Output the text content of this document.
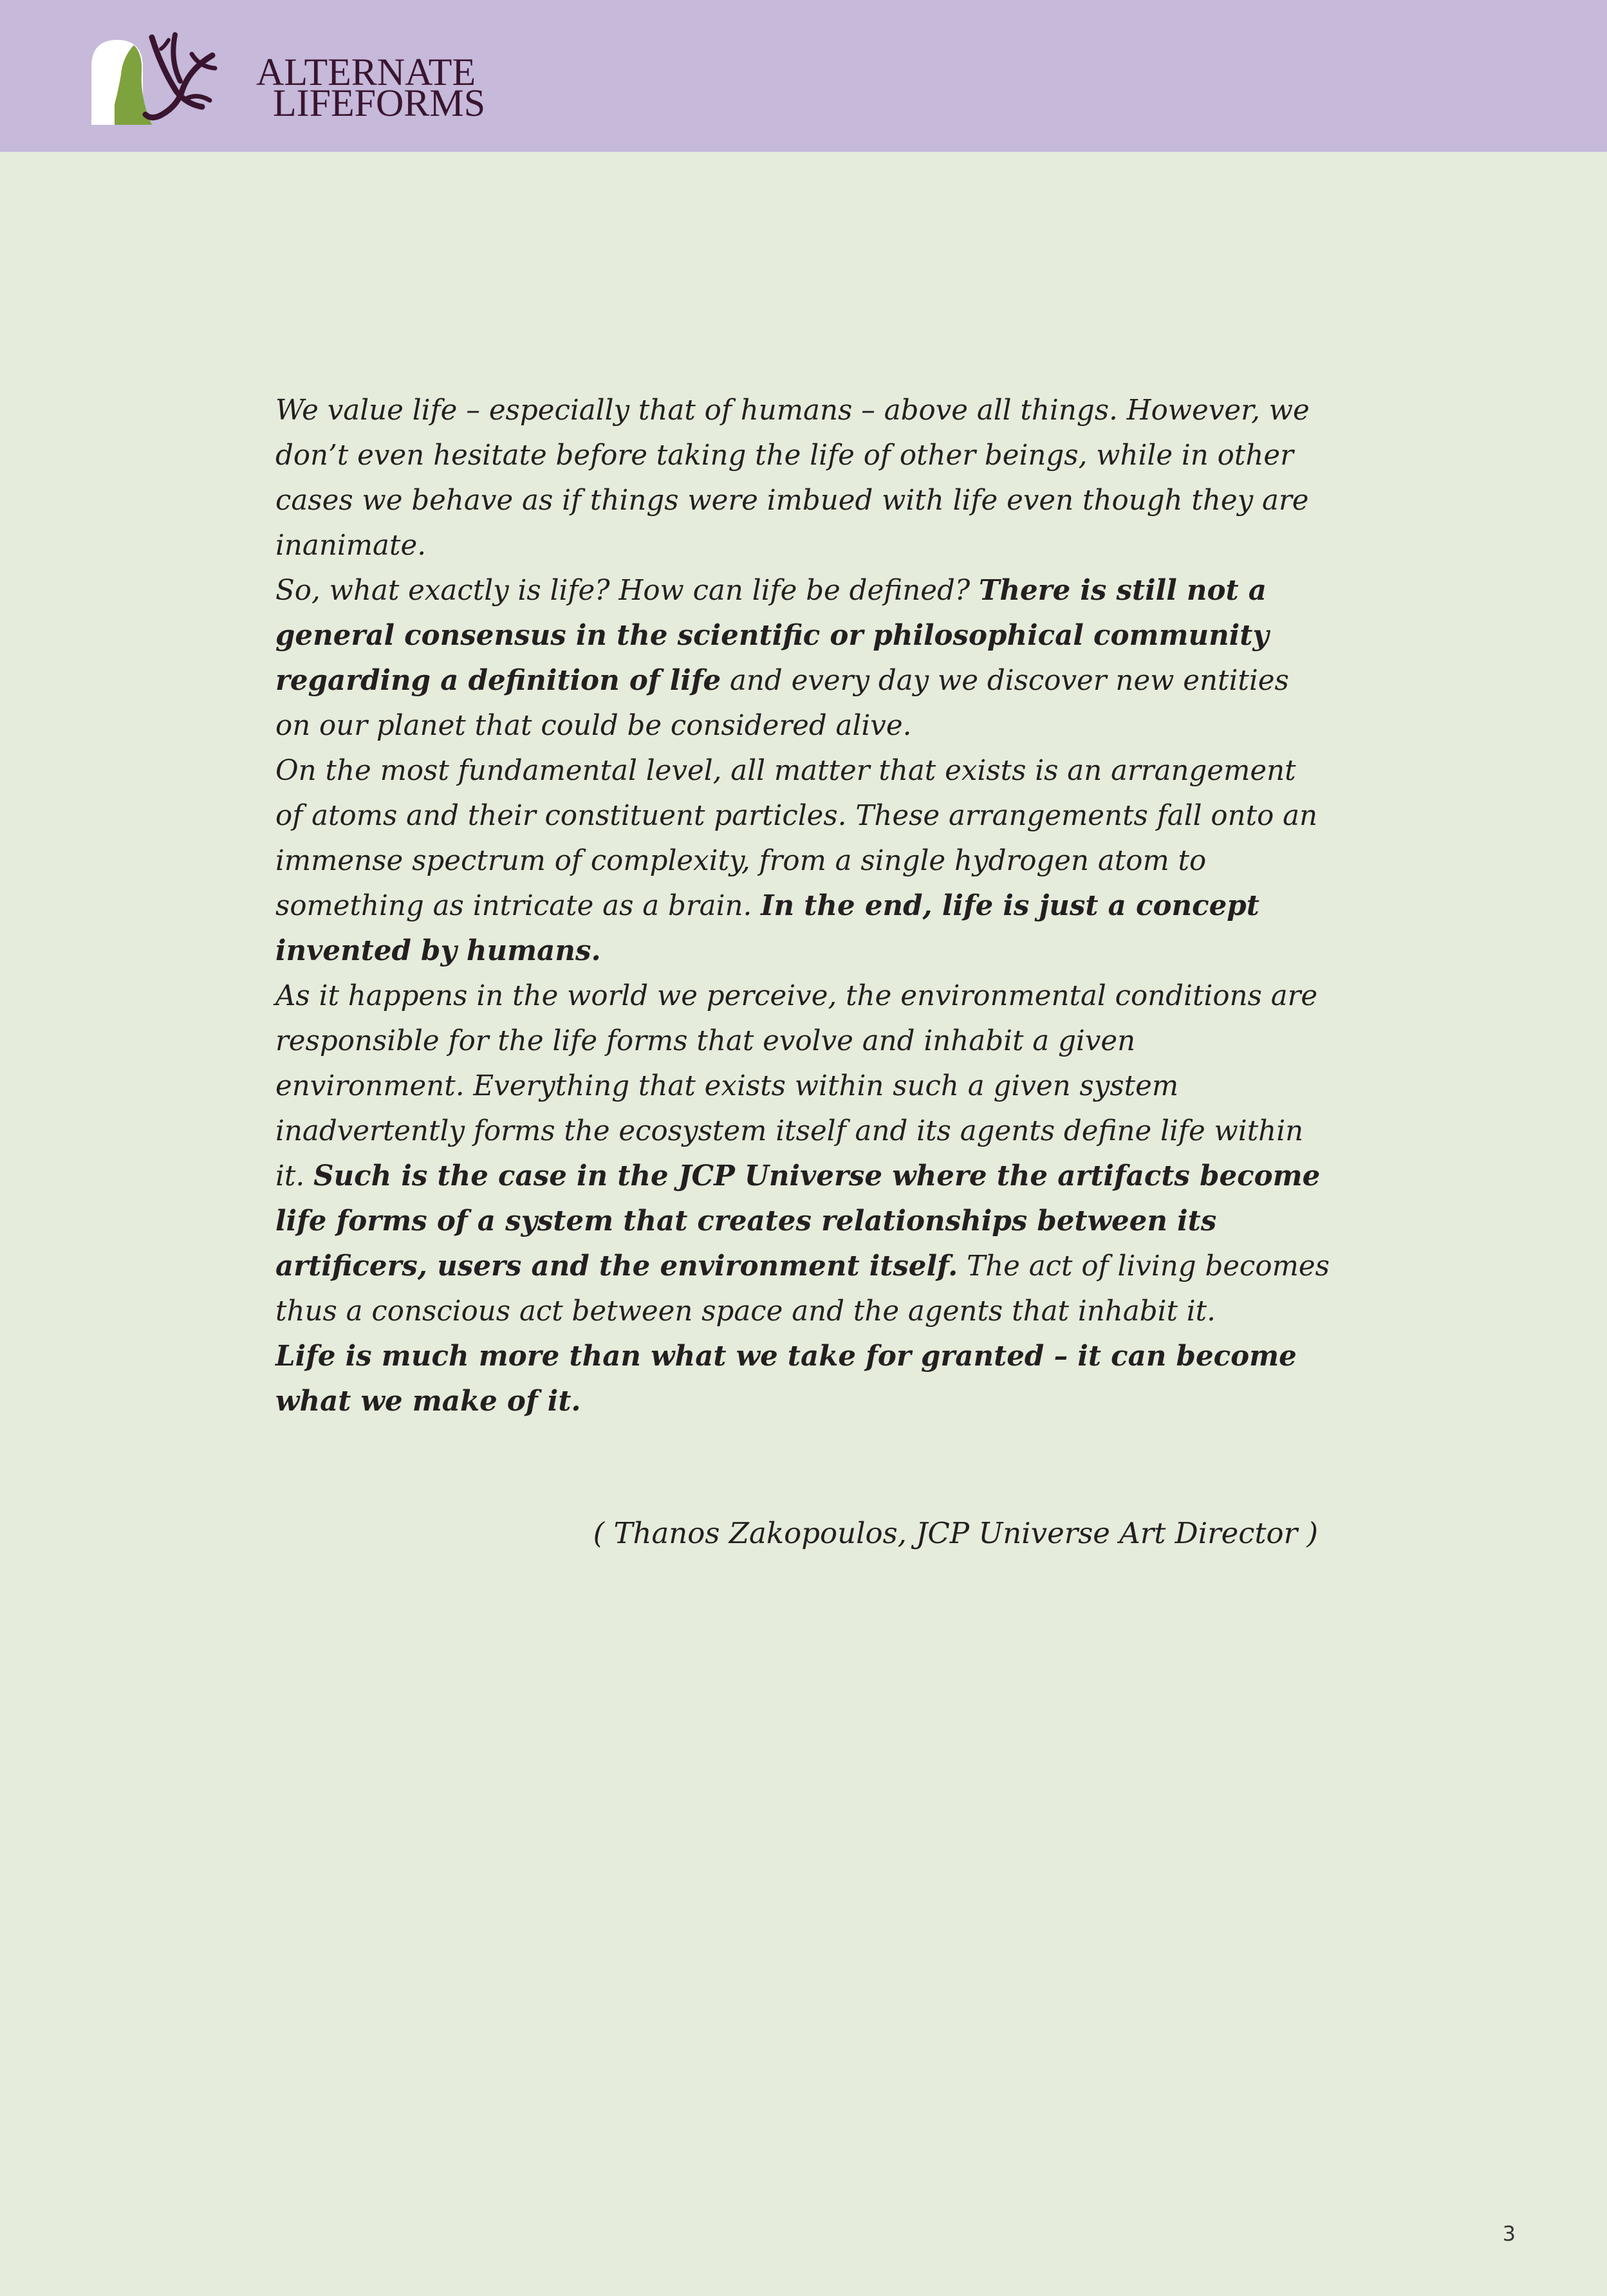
ALTERNATE
LIFEFORMS

We value life – especially that of humans – above all things. However, we don’t even hesitate before taking the life of other beings, while in other cases we behave as if things were imbued with life even though they are inanimate.

So, what exactly is life? How can life be defined? There is still not a general consensus in the scientific or philosophical community regarding a definition of life and every day we discover new entities on our planet that could be considered alive.

On the most fundamental level, all matter that exists is an arrangement of atoms and their constituent particles. These arrangements fall onto an immense spectrum of complexity, from a single hydrogen atom to something as intricate as a brain. In the end, life is just a concept invented by humans.

As it happens in the world we perceive, the environmental conditions are responsible for the life forms that evolve and inhabit a given environment. Everything that exists within such a given system inadvertently forms the ecosystem itself and its agents define life within it. Such is the case in the JCP Universe where the artifacts become life forms of a system that creates relationships between its artificers, users and the environment itself. The act of living becomes thus a conscious act between space and the agents that inhabit it.

Life is much more than what we take for granted – it can become what we make of it.

( Thanos Zakopoulos, JCP Universe Art Director )
3
